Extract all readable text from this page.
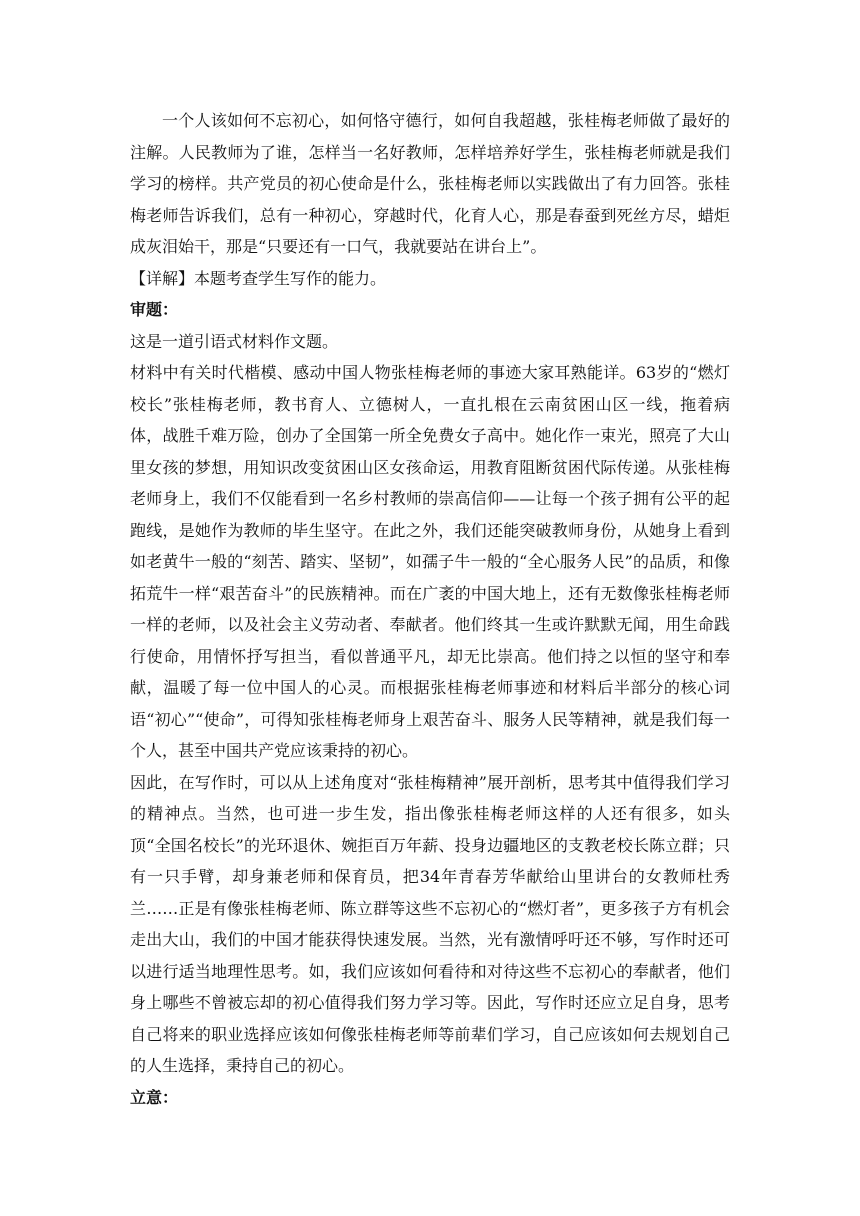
一个人该如何不忘初心，如何恪守德行，如何自我超越，张桂梅老师做了最好的注解。人民教师为了谁，怎样当一名好教师，怎样培养好学生，张桂梅老师就是我们学习的榜样。共产党员的初心使命是什么，张桂梅老师以实践做出了有力回答。张桂梅老师告诉我们，总有一种初心，穿越时代，化育人心，那是春蚕到死丝方尽，蜡炬成灰泪始干，那是“只要还有一口气，我就要站在讲台上”。

【详解】本题考查学生写作的能力。

审题：

这是一道引语式材料作文题。

材料中有关时代楷模、感动中国人物张桂梅老师的事迹大家耳熟能详。63岁的“燃灯校长”张桂梅老师，教书育人、立德树人，一直扎根在云南贫困山区一线，拖着病体，战胜千难万险，创办了全国第一所全免费女子高中。她化作一束光，照亮了大山里女孩的梦想，用知识改变贫困山区女孩命运，用教育阻断贫困代际传递。从张桂梅老师身上，我们不仅能看到一名乡村教师的崇高信仰——让每一个孩子拥有公平的起跑线，是她作为教师的毕生坚守。在此之外，我们还能突破教师身份，从她身上看到如老黄牛一般的“刻苦、踏实、坚韧”，如孺子牛一般的“全心服务人民”的品质，和像拓荒牛一样“艰苦奋斗”的民族精神。而在广袤的中国大地上，还有无数像张桂梅老师一样的老师，以及社会主义劳动者、奉献者。他们终其一生或许默默无闻，用生命践行使命，用情怀抒写担当，看似普通平凡，却无比崇高。他们持之以恒的坚守和奉献，温暖了每一位中国人的心灵。而根据张桂梅老师事迹和材料后半部分的核心词语“初心”“使命”，可得知张桂梅老师身上艰苦奋斗、服务人民等精神，就是我们每一个人，甚至中国共产党应该秉持的初心。

因此，在写作时，可以从上述角度对“张桂梅精神”展开剖析，思考其中值得我们学习的精神点。当然，也可进一步生发，指出像张桂梅老师这样的人还有很多，如头顶“全国名校长”的光环退休、婉拒百万年薪、投身边疆地区的支教老校长陈立群；只有一只手臂，却身兼老师和保育员，把34年青春芳华献给山里讲台的女教师杜秀兰……正是有像张桂梅老师、陈立群等这些不忘初心的“燃灯者”，更多孩子方有机会走出大山，我们的中国才能获得快速发展。当然，光有激情呼吁还不够，写作时还可以进行适当地理性思考。如，我们应该如何看待和对待这些不忘初心的奉献者，他们身上哪些不曾被忘却的初心值得我们努力学习等。因此，写作时还应立足自身，思考自己将来的职业选择应该如何像张桂梅老师等前辈们学习，自己应该如何去规划自己的人生选择，秉持自己的初心。

立意：
